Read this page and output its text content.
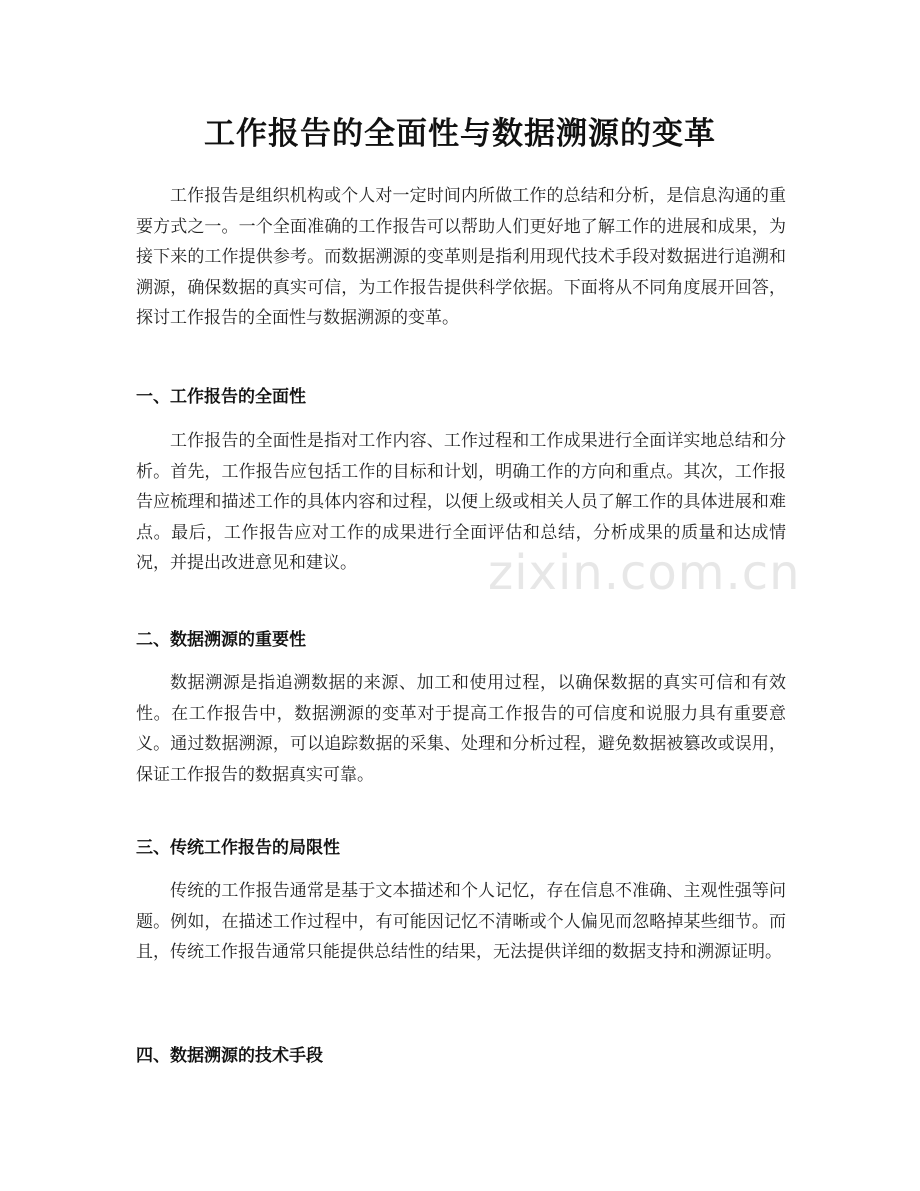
工作报告的全面性与数据溯源的变革

工作报告是组织机构或个人对一定时间内所做工作的总结和分析，是信息沟通的重要方式之一。一个全面准确的工作报告可以帮助人们更好地了解工作的进展和成果，为接下来的工作提供参考。而数据溯源的变革则是指利用现代技术手段对数据进行追溯和溯源，确保数据的真实可信，为工作报告提供科学依据。下面将从不同角度展开回答，探讨工作报告的全面性与数据溯源的变革。

一、工作报告的全面性

工作报告的全面性是指对工作内容、工作过程和工作成果进行全面详实地总结和分析。首先，工作报告应包括工作的目标和计划，明确工作的方向和重点。其次，工作报告应梳理和描述工作的具体内容和过程，以便上级或相关人员了解工作的具体进展和难点。最后，工作报告应对工作的成果进行全面评估和总结，分析成果的质量和达成情况，并提出改进意见和建议。

二、数据溯源的重要性

数据溯源是指追溯数据的来源、加工和使用过程，以确保数据的真实可信和有效性。在工作报告中，数据溯源的变革对于提高工作报告的可信度和说服力具有重要意义。通过数据溯源，可以追踪数据的采集、处理和分析过程，避免数据被篡改或误用，保证工作报告的数据真实可靠。

三、传统工作报告的局限性

传统的工作报告通常是基于文本描述和个人记忆，存在信息不准确、主观性强等问题。例如，在描述工作过程中，有可能因记忆不清晰或个人偏见而忽略掉某些细节。而且，传统工作报告通常只能提供总结性的结果，无法提供详细的数据支持和溯源证明。

四、数据溯源的技术手段
zixin.com.cn
